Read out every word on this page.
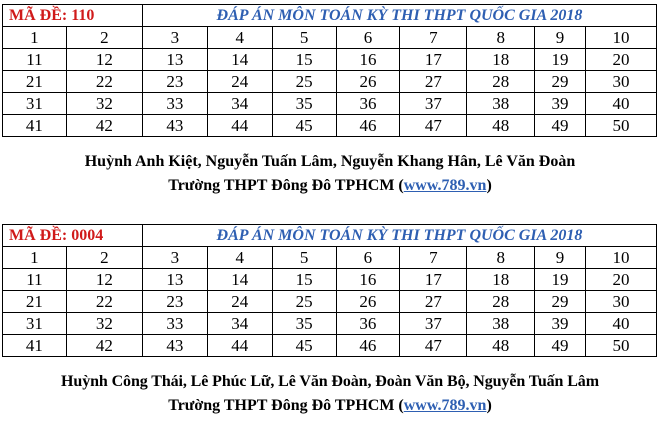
MÃ ĐỀ: 110		ĐÁP ÁN MÔN TOÁN KỲ THI THPT QUỐC GIA 2018							
1	2	3	4	5	6	7	8	9	10
11	12	13	14	15	16	17	18	19	20
21	22	23	24	25	26	27	28	29	30
31	32	33	34	35	36	37	38	39	40
41	42	43	44	45	46	47	48	49	50
Huỳnh Anh Kiệt, Nguyễn Tuấn Lâm, Nguyễn Khang Hân, Lê Văn Đoàn
Trường THPT Đông Đô TPHCM (www.789.vn)
MÃ ĐỀ: 0004		ĐÁP ÁN MÔN TOÁN KỲ THI THPT QUỐC GIA 2018							
1	2	3	4	5	6	7	8	9	10
11	12	13	14	15	16	17	18	19	20
21	22	23	24	25	26	27	28	29	30
31	32	33	34	35	36	37	38	39	40
41	42	43	44	45	46	47	48	49	50
Huỳnh Công Thái, Lê Phúc Lữ, Lê Văn Đoàn, Đoàn Văn Bộ, Nguyễn Tuấn Lâm
Trường THPT Đông Đô TPHCM (www.789.vn)
